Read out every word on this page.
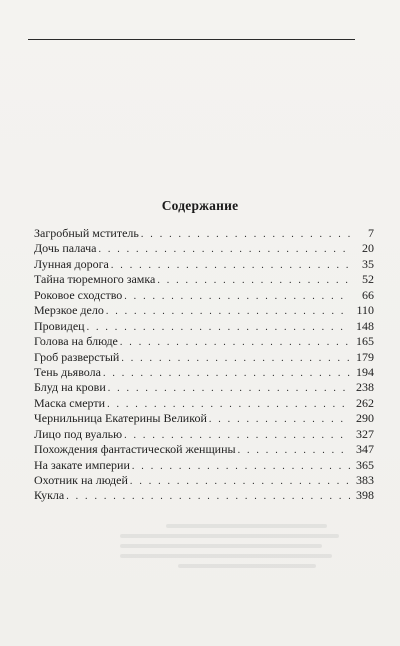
Содержание
Загробный мститель . . .	7
Дочь палача . . .	20
Лунная дорога . . .	35
Тайна тюремного замка . . .	52
Роковое сходство . . .	66
Мерзкое дело . . .	110
Провидец . . .	148
Голова на блюде . . .	165
Гроб разверстый . . .	179
Тень дьявола . . .	194
Блуд на крови . . .	238
Маска смерти . . .	262
Чернильница Екатерины Великой . . .	290
Лицо под вуалью . . .	327
Похождения фантастической женщины . . .	347
На закате империи . . .	365
Охотник на людей . . .	383
Кукла . . .	398
